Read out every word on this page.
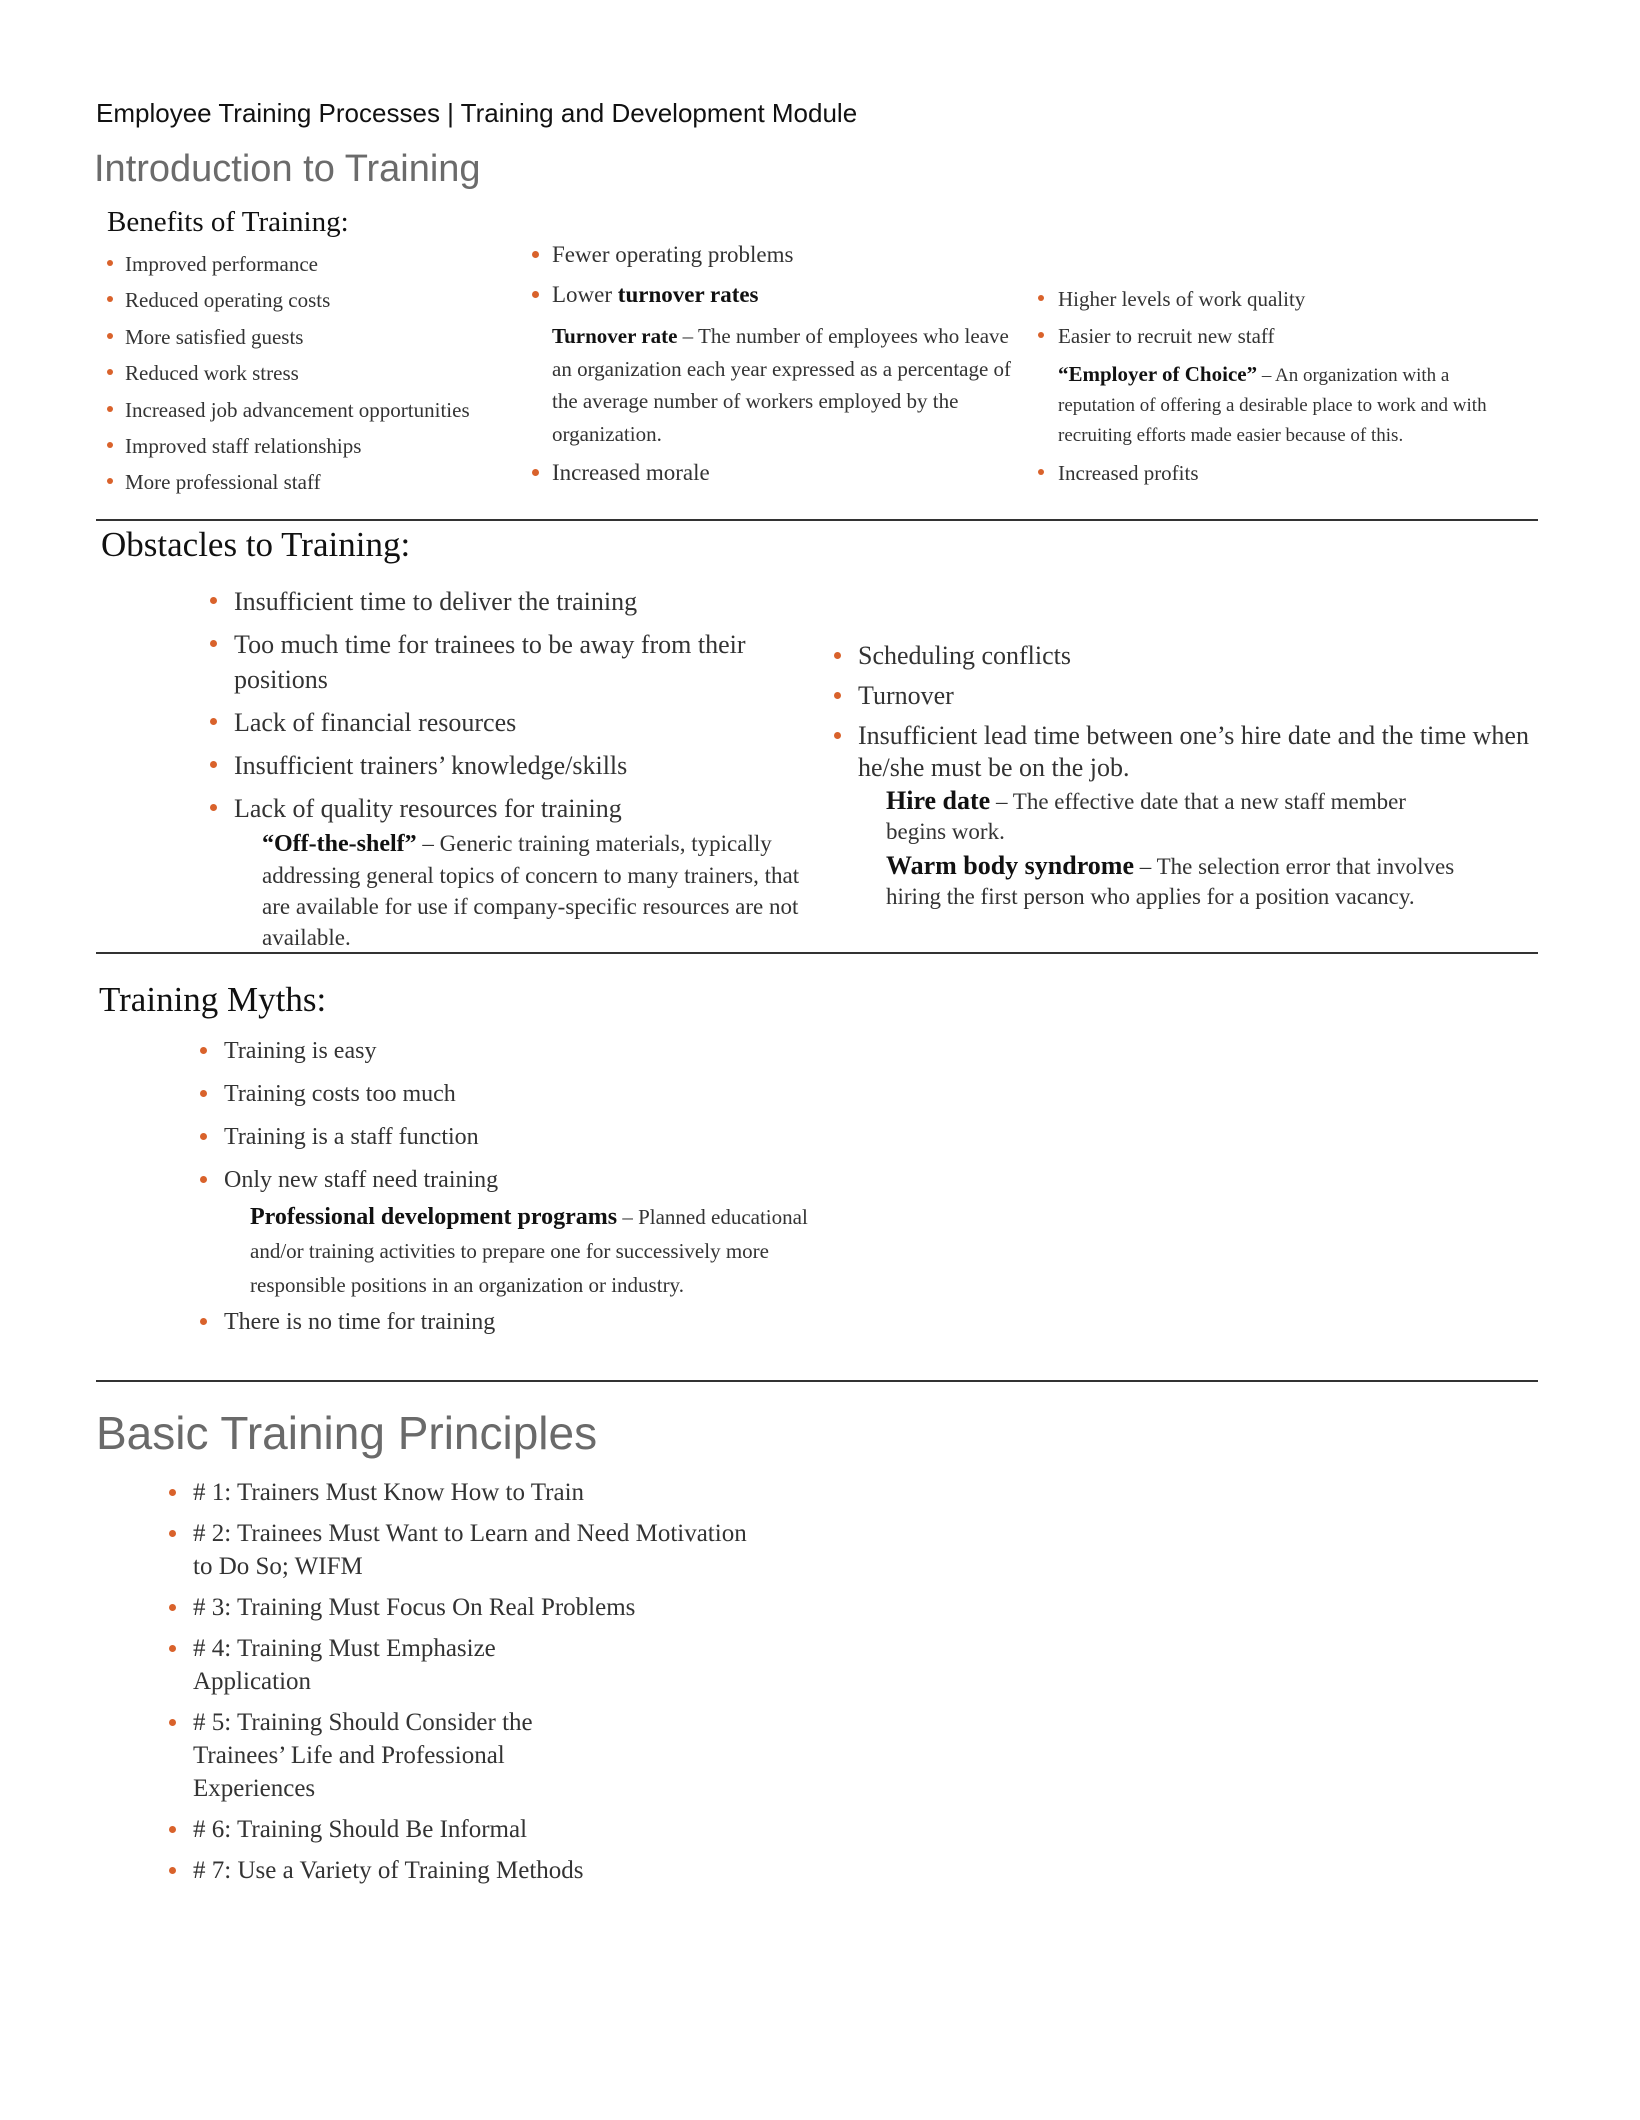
Employee Training Processes | Training and Development Module
Introduction to Training
Benefits of Training:
Improved performance
Reduced operating costs
More satisfied guests
Reduced work stress
Increased job advancement opportunities
Improved staff relationships
More professional staff
Fewer operating problems
Lower turnover rates
Turnover rate – The number of employees who leave an organization each year expressed as a percentage of the average number of workers employed by the organization.
Increased morale
Higher levels of work quality
Easier to recruit new staff
“Employer of Choice” – An organization with a reputation of offering a desirable place to work and with recruiting efforts made easier because of this.
Increased profits
Obstacles to Training:
Insufficient time to deliver the training
Too much time for trainees to be away from their positions
Lack of financial resources
Insufficient trainers’ knowledge/skills
Lack of quality resources for training
“Off-the-shelf” – Generic training materials, typically addressing general topics of concern to many trainers, that are available for use if company-specific resources are not available.
Scheduling conflicts
Turnover
Insufficient lead time between one’s hire date and the time when he/she must be on the job.
Hire date – The effective date that a new staff member begins work.
Warm body syndrome – The selection error that involves hiring the first person who applies for a position vacancy.
Training Myths:
Training is easy
Training costs too much
Training is a staff function
Only new staff need training
Professional development programs – Planned educational and/or training activities to prepare one for successively more responsible positions in an organization or industry.
There is no time for training
Basic Training Principles
# 1: Trainers Must Know How to Train
# 2: Trainees Must Want to Learn and Need Motivation to Do So; WIFM
# 3: Training Must Focus On Real Problems
# 4: Training Must Emphasize Application
# 5: Training Should Consider the Trainees’ Life and Professional Experiences
# 6: Training Should Be Informal
# 7: Use a Variety of Training Methods
